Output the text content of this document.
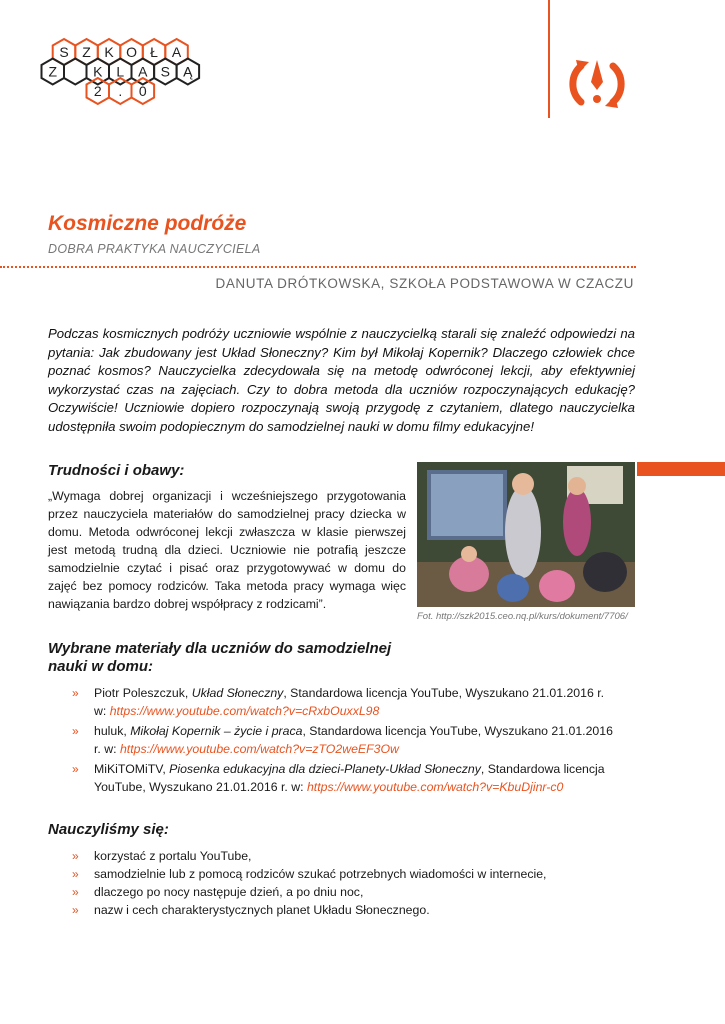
S Z K O Ł A
Z	K L A S Ą
2 . 0
Kosmiczne podróże
DOBRA PRAKTYKA NAUCZYCIELA
DANUTA DRÓTKOWSKA, SZKOŁA PODSTAWOWA W CZACZU
Podczas kosmicznych podróży uczniowie wspólnie z nauczycielką starali się znaleźć odpowiedzi na pytania: Jak zbudowany jest Układ Słoneczny? Kim był Mikołaj Kopernik? Dlaczego człowiek chce poznać kosmos? Nauczycielka zdecydowała się na metodę odwróconej lekcji, aby efektywniej wykorzystać czas na zajęciach. Czy to dobra metoda dla uczniów rozpoczynających edukację? Oczywiście! Uczniowie dopiero rozpoczynają swoją przygodę z czytaniem, dlatego nauczycielka udostępniła swoim podopiecznym do samodzielnej nauki w domu filmy edukacyjne!
Trudności i obawy:
„Wymaga dobrej organizacji i wcześniejszego przygotowania przez nauczyciela materiałów do samodzielnej pracy dziecka w domu. Metoda odwróconej lekcji zwłaszcza w klasie pierwszej jest metodą trudną dla dzieci. Uczniowie nie potrafią jeszcze samodzielnie czytać i pisać oraz przygotowywać w domu do zajęć bez pomocy rodziców. Taka metoda pracy wymaga więc nawiązania bardzo dobrej współpracy z rodzicami”.
Fot. http://szk2015.ceo.nq.pl/kurs/dokument/7706/
Wybrane materiały dla uczniów do samodzielnej nauki w domu:
» Piotr Poleszczuk, Układ Słoneczny, Standardowa licencja YouTube, Wyszukano 21.01.2016 r. w: https://www.youtube.com/watch?v=cRxbOuxxL98
» huluk, Mikołaj Kopernik – życie i praca, Standardowa licencja YouTube, Wyszukano 21.01.2016 r. w: https://www.youtube.com/watch?v=zTO2weEF3Ow
» MiKiTOMiTV, Piosenka edukacyjna dla dzieci-Planety-Układ Słoneczny, Standardowa licencja YouTube, Wyszukano 21.01.2016 r. w: https://www.youtube.com/watch?v=KbuDjinr-c0
Nauczyliśmy się:
» korzystać z portalu YouTube,
» samodzielnie lub z pomocą rodziców szukać potrzebnych wiadomości w internecie,
» dlaczego po nocy następuje dzień, a po dniu noc,
» nazw i cech charakterystycznych planet Układu Słonecznego.
